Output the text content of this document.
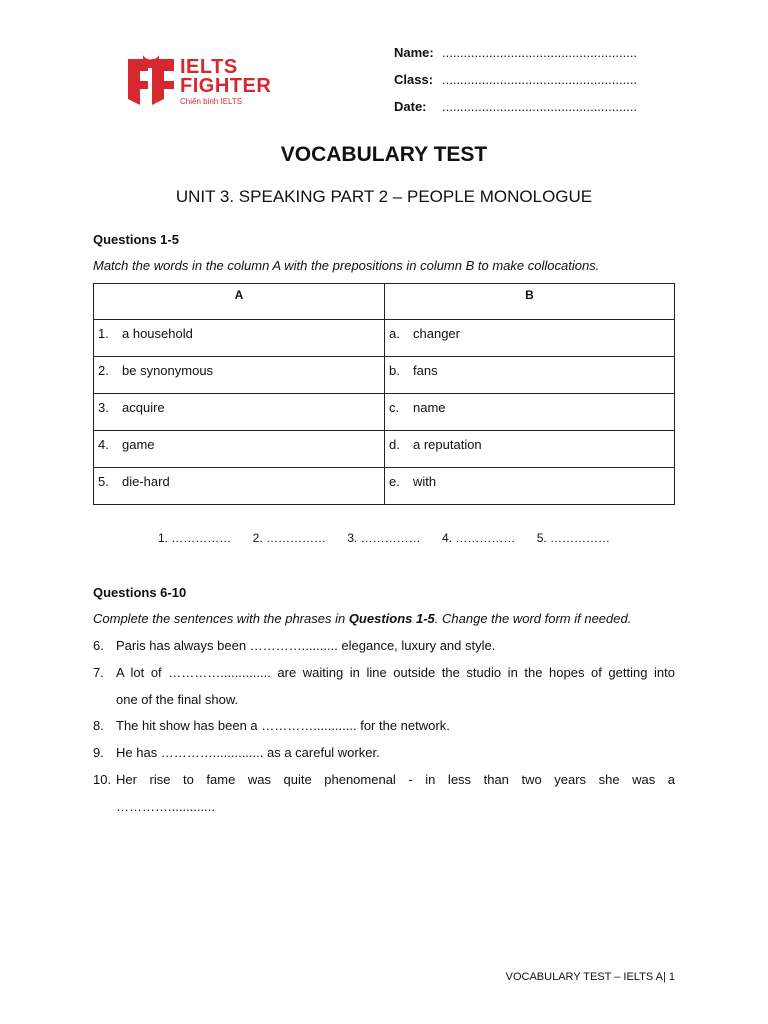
IELTS
FIGHTER
Chiến binh IELTS
Name: ......................................................
Class: ......................................................
Date: ......................................................
VOCABULARY TEST
UNIT 3. SPEAKING PART 2 – PEOPLE MONOLOGUE
Questions 1-5
Match the words in the column A with the prepositions in column B to make collocations.
A	B

1. a household	a. changer

2. be synonymous	b. fans

3. acquire	c. name

4. game	d. a reputation

5. die-hard	e. with
1. …………… 2. …………… 3. …………… 4. …………… 5. ……………
Questions 6-10
Complete the sentences with the phrases in Questions 1-5. Change the word form if needed.
6. Paris has always been ………….......... elegance, luxury and style.
7. A lot of ………….............. are waiting in line outside the studio in the hopes of getting into
one of the final show.
8. The hit show has been a …………............ for the network.
9. He has ………….............. as a careful worker.
10. Her rise to fame was quite phenomenal - in less than two years she was a
………….............
VOCABULARY TEST – IELTS A| 1
